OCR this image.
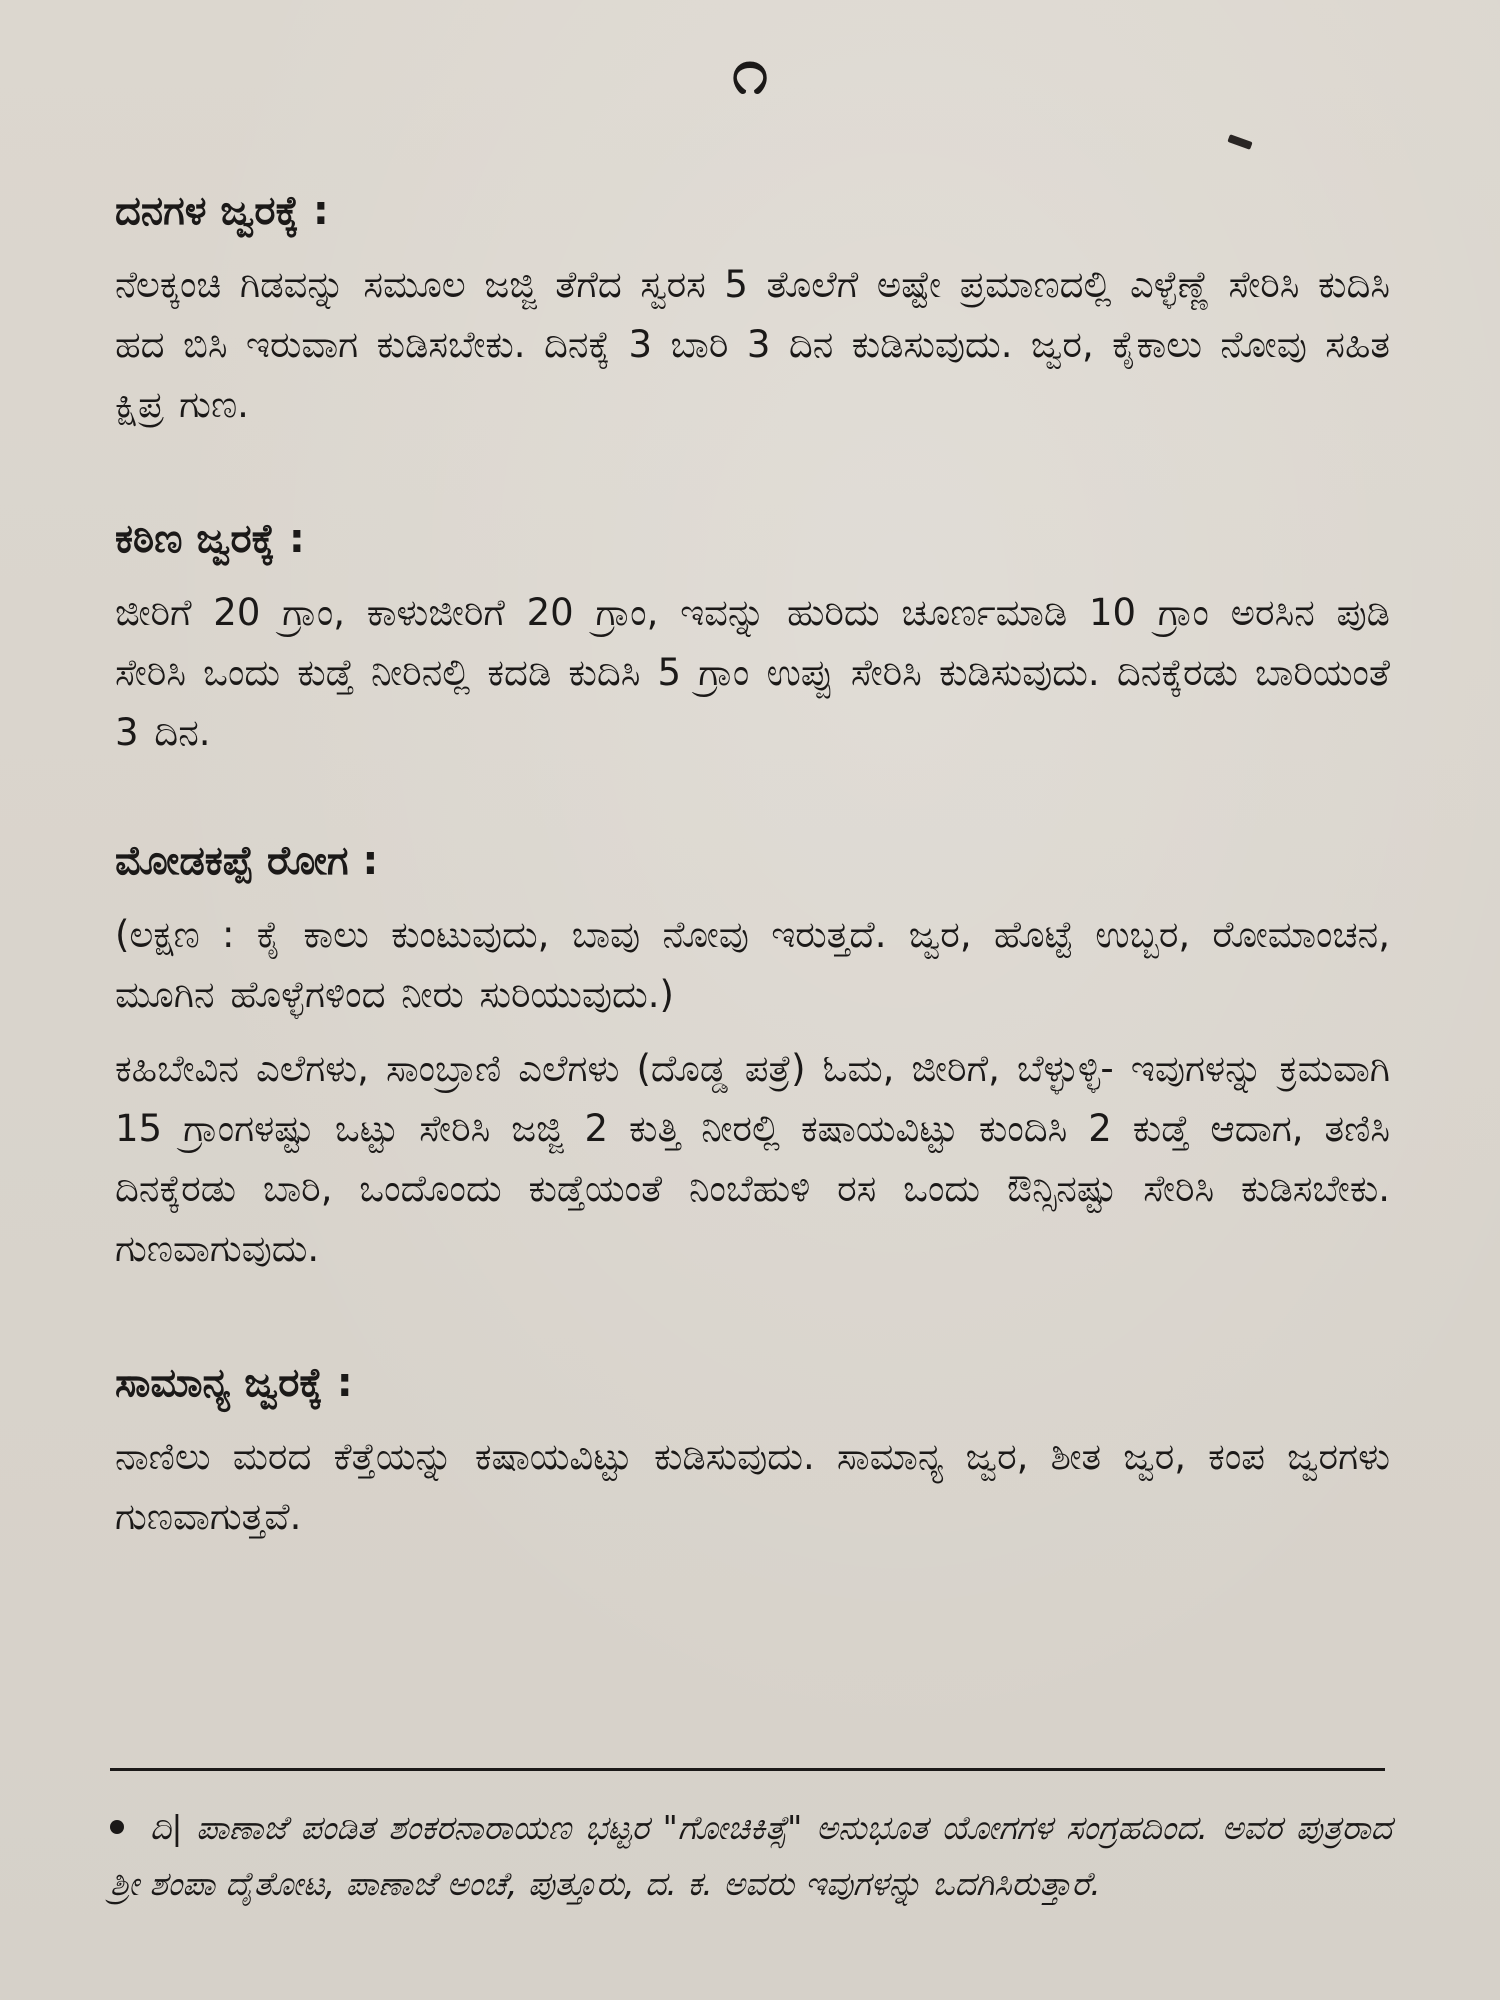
೧
ದನಗಳ ಜ್ವರಕ್ಕೆ :

ನೆಲಕ್ಕಂಚಿ ಗಿಡವನ್ನು ಸಮೂಲ ಜಜ್ಜಿ ತೆಗೆದ ಸ್ವರಸ 5 ತೊಲೆಗೆ ಅಷ್ಟೇ ಪ್ರಮಾಣದಲ್ಲಿ ಎಳ್ಳೆಣ್ಣೆ ಸೇರಿಸಿ ಕುದಿಸಿ ಹದ ಬಿಸಿ ಇರುವಾಗ ಕುಡಿಸಬೇಕು. ದಿನಕ್ಕೆ 3 ಬಾರಿ 3 ದಿನ ಕುಡಿಸುವುದು. ಜ್ವರ, ಕೈಕಾಲು ನೋವು ಸಹಿತ ಕ್ಷಿಪ್ರ ಗುಣ.

ಕಠಿಣ ಜ್ವರಕ್ಕೆ :

ಜೀರಿಗೆ 20 ಗ್ರಾಂ, ಕಾಳುಜೀರಿಗೆ 20 ಗ್ರಾಂ, ಇವನ್ನು ಹುರಿದು ಚೂರ್ಣಮಾಡಿ 10 ಗ್ರಾಂ ಅರಸಿನ ಪುಡಿ ಸೇರಿಸಿ ಒಂದು ಕುಡ್ತೆ ನೀರಿನಲ್ಲಿ ಕದಡಿ ಕುದಿಸಿ 5 ಗ್ರಾಂ ಉಪ್ಪು ಸೇರಿಸಿ ಕುಡಿಸುವುದು. ದಿನಕ್ಕೆರಡು ಬಾರಿಯಂತೆ 3 ದಿನ.

ಮೋಡಕಪ್ಪೆ ರೋಗ :

(ಲಕ್ಷಣ : ಕೈ ಕಾಲು ಕುಂಟುವುದು, ಬಾವು ನೋವು ಇರುತ್ತದೆ. ಜ್ವರ, ಹೊಟ್ಟೆ ಉಬ್ಬರ, ರೋಮಾಂಚನ, ಮೂಗಿನ ಹೊಳ್ಳೆಗಳಿಂದ ನೀರು ಸುರಿಯುವುದು.)

ಕಹಿಬೇವಿನ ಎಲೆಗಳು, ಸಾಂಬ್ರಾಣಿ ಎಲೆಗಳು (ದೊಡ್ಡ ಪತ್ರೆ) ಓಮ, ಜೀರಿಗೆ, ಬೆಳ್ಳುಳ್ಳಿ- ಇವುಗಳನ್ನು ಕ್ರಮವಾಗಿ 15 ಗ್ರಾಂಗಳಷ್ಟು ಒಟ್ಟು ಸೇರಿಸಿ ಜಜ್ಜಿ 2 ಕುತ್ತಿ ನೀರಲ್ಲಿ ಕಷಾಯವಿಟ್ಟು ಕುಂದಿಸಿ 2 ಕುಡ್ತೆ ಆದಾಗ, ತಣಿಸಿ ದಿನಕ್ಕೆರಡು ಬಾರಿ, ಒಂದೊಂದು ಕುಡ್ತೆಯಂತೆ ನಿಂಬೆಹುಳಿ ರಸ ಒಂದು ಔನ್ಸಿನಷ್ಟು ಸೇರಿಸಿ ಕುಡಿಸಬೇಕು. ಗುಣವಾಗುವುದು.

ಸಾಮಾನ್ಯ ಜ್ವರಕ್ಕೆ :

ನಾಣಿಲು ಮರದ ಕೆತ್ತೆಯನ್ನು ಕಷಾಯವಿಟ್ಟು ಕುಡಿಸುವುದು. ಸಾಮಾನ್ಯ ಜ್ವರ, ಶೀತ ಜ್ವರ, ಕಂಪ ಜ್ವರಗಳು ಗುಣವಾಗುತ್ತವೆ.

ದಿ| ಪಾಣಾಜೆ ಪಂಡಿತ ಶಂಕರನಾರಾಯಣ ಭಟ್ಟರ "ಗೋಚಿಕಿತ್ಸೆ" ಅನುಭೂತ ಯೋಗಗಳ ಸಂಗ್ರಹದಿಂದ. ಅವರ ಪುತ್ರರಾದ ಶ್ರೀ ಶಂಪಾ ದೈತೋಟ, ಪಾಣಾಜೆ ಅಂಚೆ, ಪುತ್ತೂರು, ದ. ಕ. ಅವರು ಇವುಗಳನ್ನು ಒದಗಿಸಿರುತ್ತಾರೆ.
